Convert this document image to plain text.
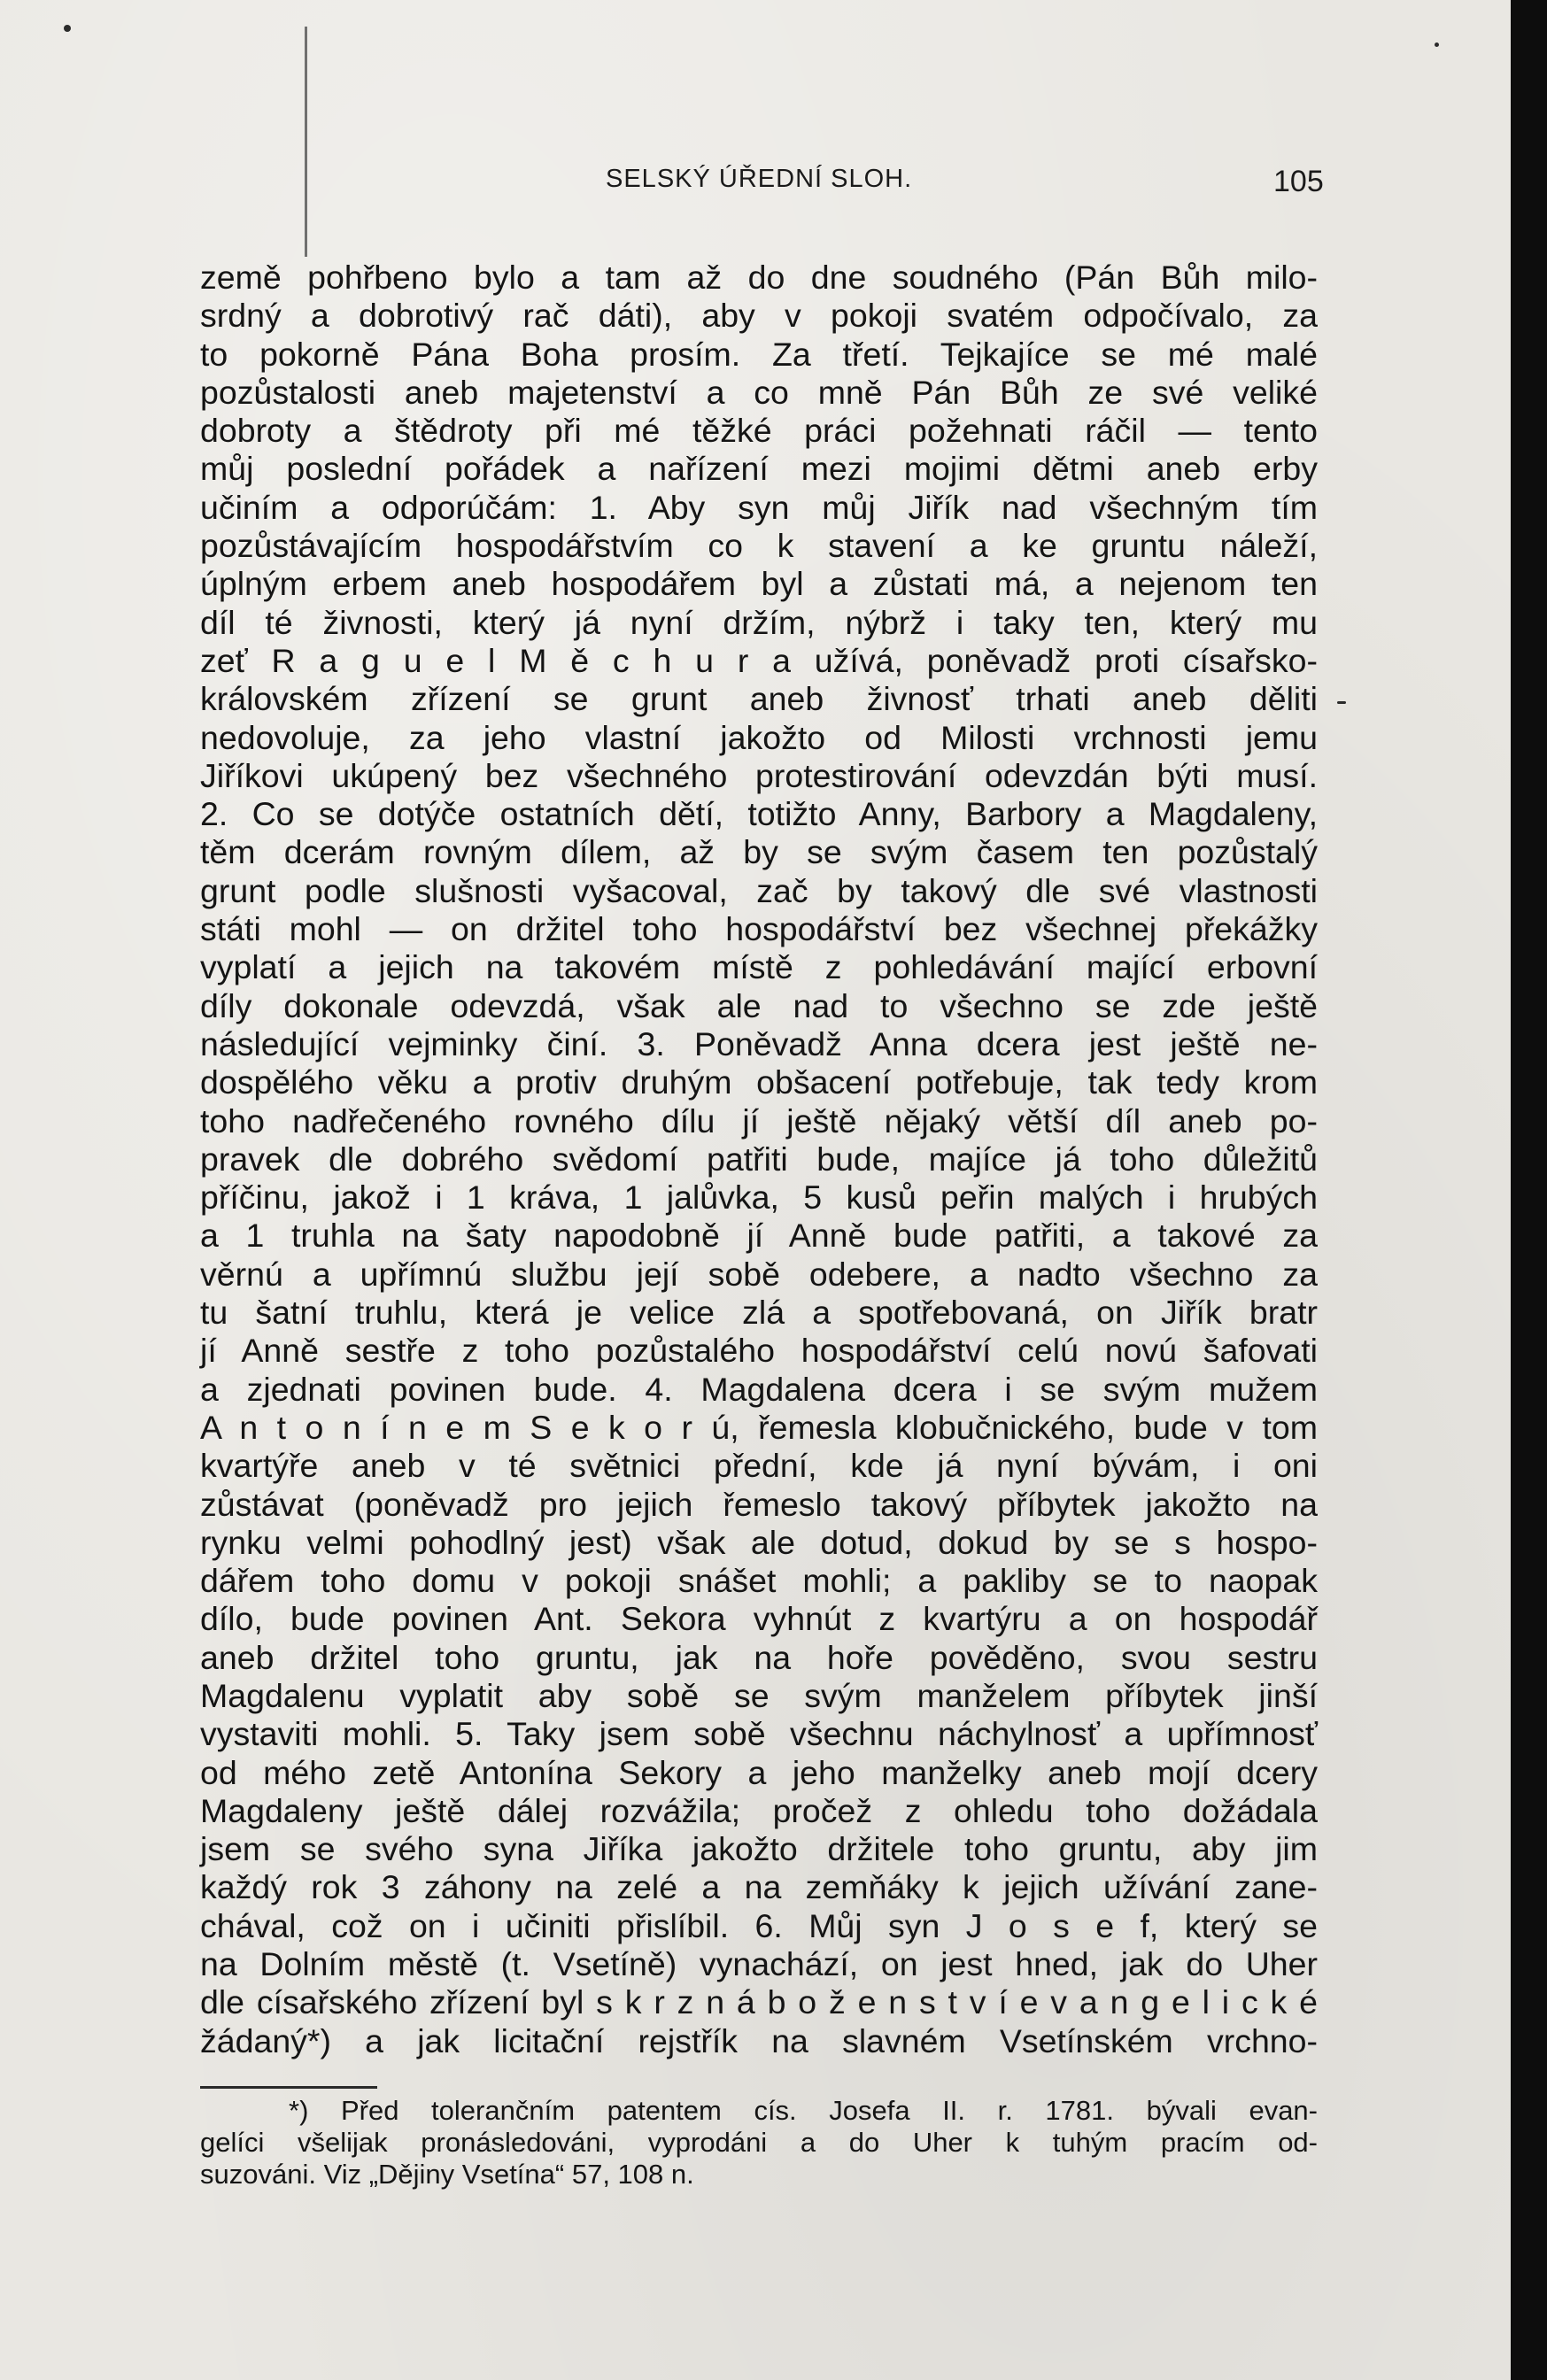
SELSKÝ ÚŘEDNÍ SLOH.	105
země pohřbeno bylo a tam až do dne soudného (Pán Bůh milo-
srdný a dobrotivý rač dáti), aby v pokoji svatém odpočívalo, za
to pokorně Pána Boha prosím. Za třetí. Tejkajíce se mé malé
pozůstalosti aneb majetenství a co mně Pán Bůh ze své veliké
dobroty a štědroty při mé těžké práci požehnati ráčil — tento
můj poslední pořádek a nařízení mezi mojimi dětmi aneb erby
učiním a odporúčám: 1. Aby syn můj Jiřík nad všechným tím
pozůstávajícím hospodářstvím co k stavení a ke gruntu náleží,
úplným erbem aneb hospodářem byl a zůstati má, a nejenom ten
díl té živnosti, který já nyní držím, nýbrž i taky ten, který mu
zeť R a g u e l M ě c h u r a užívá, poněvadž proti císařsko-
královském zřízení se grunt aneb živnosť trhati aneb děliti
nedovoluje, za jeho vlastní jakožto od Milosti vrchnosti jemu
Jiříkovi ukúpený bez všechného protestirování odevzdán býti musí.
2. Co se dotýče ostatních dětí, totižto Anny, Barbory a Magdaleny,
těm dcerám rovným dílem, až by se svým časem ten pozůstalý
grunt podle slušnosti vyšacoval, zač by takový dle své vlastnosti
státi mohl — on držitel toho hospodářství bez všechnej překážky
vyplatí a jejich na takovém místě z pohledávání mající erbovní
díly dokonale odevzdá, však ale nad to všechno se zde ještě
následující vejminky činí. 3. Poněvadž Anna dcera jest ještě ne-
dospělého věku a protiv druhým obšacení potřebuje, tak tedy krom
toho nadřečeného rovného dílu jí ještě nějaký větší díl aneb po-
pravek dle dobrého svědomí patřiti bude, majíce já toho důležitů
příčinu, jakož i 1 kráva, 1 jalůvka, 5 kusů peřin malých i hrubých
a 1 truhla na šaty napodobně jí Anně bude patřiti, a takové za
věrnú a upřímnú službu její sobě odebere, a nadto všechno za
tu šatní truhlu, která je velice zlá a spotřebovaná, on Jiřík bratr
jí Anně sestře z toho pozůstalého hospodářství celú novú šafovati
a zjednati povinen bude. 4. Magdalena dcera i se svým mužem
A n t o n í n e m S e k o r ú, řemesla klobučnického, bude v tom
kvartýře aneb v té světnici přední, kde já nyní bývám, i oni
zůstávat (poněvadž pro jejich řemeslo takový příbytek jakožto na
rynku velmi pohodlný jest) však ale dotud, dokud by se s hospo-
dářem toho domu v pokoji snášet mohli; a pakliby se to naopak
dílo, bude povinen Ant. Sekora vyhnút z kvartýru a on hospodář
aneb držitel toho gruntu, jak na hoře pověděno, svou sestru
Magdalenu vyplatit aby sobě se svým manželem příbytek jinší
vystaviti mohli. 5. Taky jsem sobě všechnu náchylnosť a upřímnosť
od mého zetě Antonína Sekory a jeho manželky aneb mojí dcery
Magdaleny ještě dálej rozvážila; pročež z ohledu toho dožádala
jsem se svého syna Jiříka jakožto držitele toho gruntu, aby jim
každý rok 3 záhony na zelé a na zemňáky k jejich užívání zane-
chával, což on i učiniti přislíbil. 6. Můj syn J o s e f, který se
na Dolním městě (t. Vsetíně) vynachází, on jest hned, jak do Uher
dle císařského zřízení byl s k r z n á b o ž e n s t v í e v a n g e l i c k é
žádaný*) a jak licitační rejstřík na slavném Vsetínském vrchno-
*) Před tolerančním patentem cís. Josefa II. r. 1781. bývali evan-
gelíci všelijak pronásledováni, vyprodáni a do Uher k tuhým pracím od-
suzováni. Viz „Dějiny Vsetína“ 57, 108 n.
